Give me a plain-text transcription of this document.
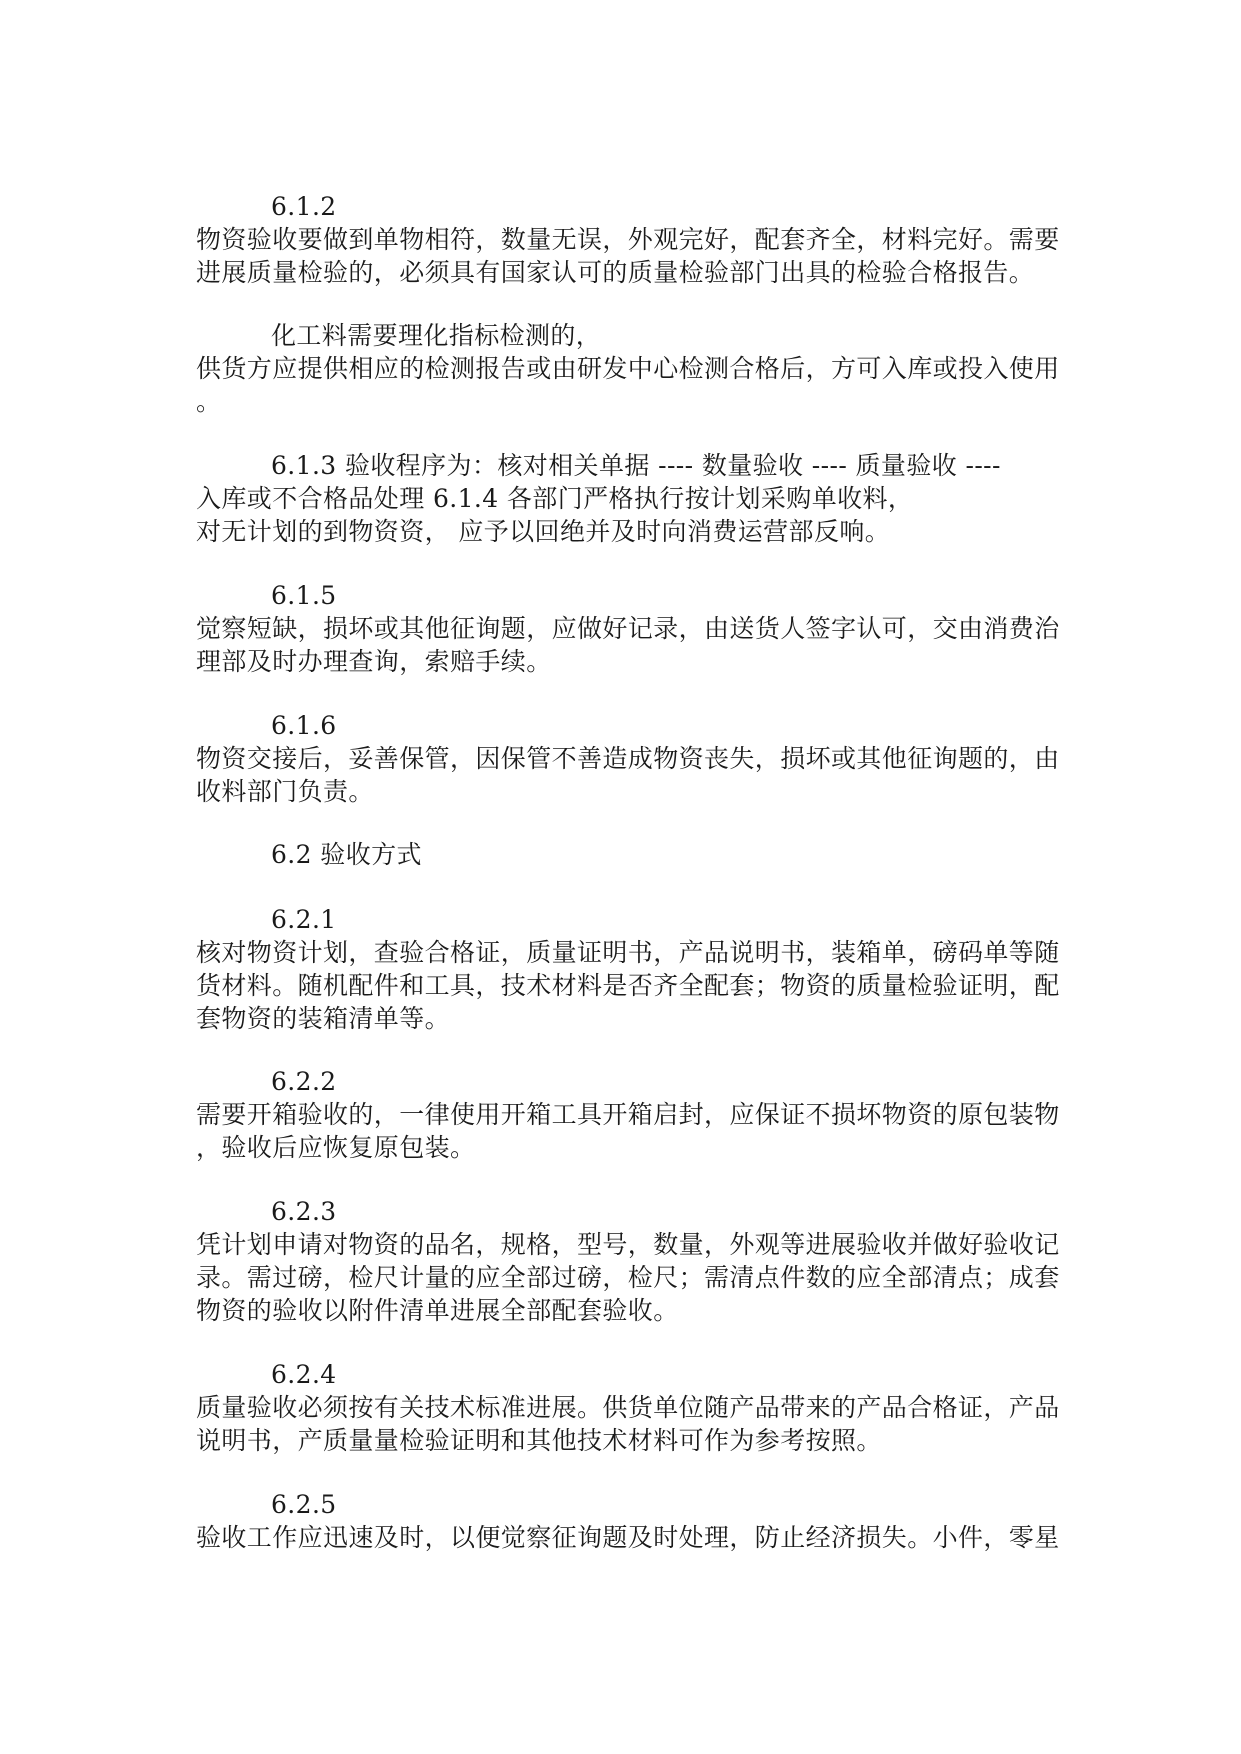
6.1.2
物资验收要做到单物相符，数量无误，外观完好，配套齐全，材料完好。需要
进展质量检验的，必须具有国家认可的质量检验部门出具的检验合格报告。
化工料需要理化指标检测的，
供货方应提供相应的检测报告或由研发中心检测合格后，方可入库或投入使用
。
6.1.3 验收程序为：核对相关单据 ---- 数量验收 ---- 质量验收 ----
入库或不合格品处理 6.1.4 各部门严格执行按计划采购单收料，
对无计划的到物资资， 应予以回绝并及时向消费运营部反响。
6.1.5
觉察短缺，损坏或其他征询题，应做好记录，由送货人签字认可，交由消费治
理部及时办理查询，索赔手续。
6.1.6
物资交接后，妥善保管，因保管不善造成物资丧失，损坏或其他征询题的，由
收料部门负责。
6.2 验收方式
6.2.1
核对物资计划，查验合格证，质量证明书，产品说明书，装箱单，磅码单等随
货材料。随机配件和工具，技术材料是否齐全配套；物资的质量检验证明，配
套物资的装箱清单等。
6.2.2
需要开箱验收的，一律使用开箱工具开箱启封，应保证不损坏物资的原包装物
，验收后应恢复原包装。
6.2.3
凭计划申请对物资的品名，规格，型号，数量，外观等进展验收并做好验收记
录。需过磅，检尺计量的应全部过磅，检尺；需清点件数的应全部清点；成套
物资的验收以附件清单进展全部配套验收。
6.2.4
质量验收必须按有关技术标准进展。供货单位随产品带来的产品合格证，产品
说明书，产质量量检验证明和其他技术材料可作为参考按照。
6.2.5
验收工作应迅速及时，以便觉察征询题及时处理，防止经济损失。小件，零星
